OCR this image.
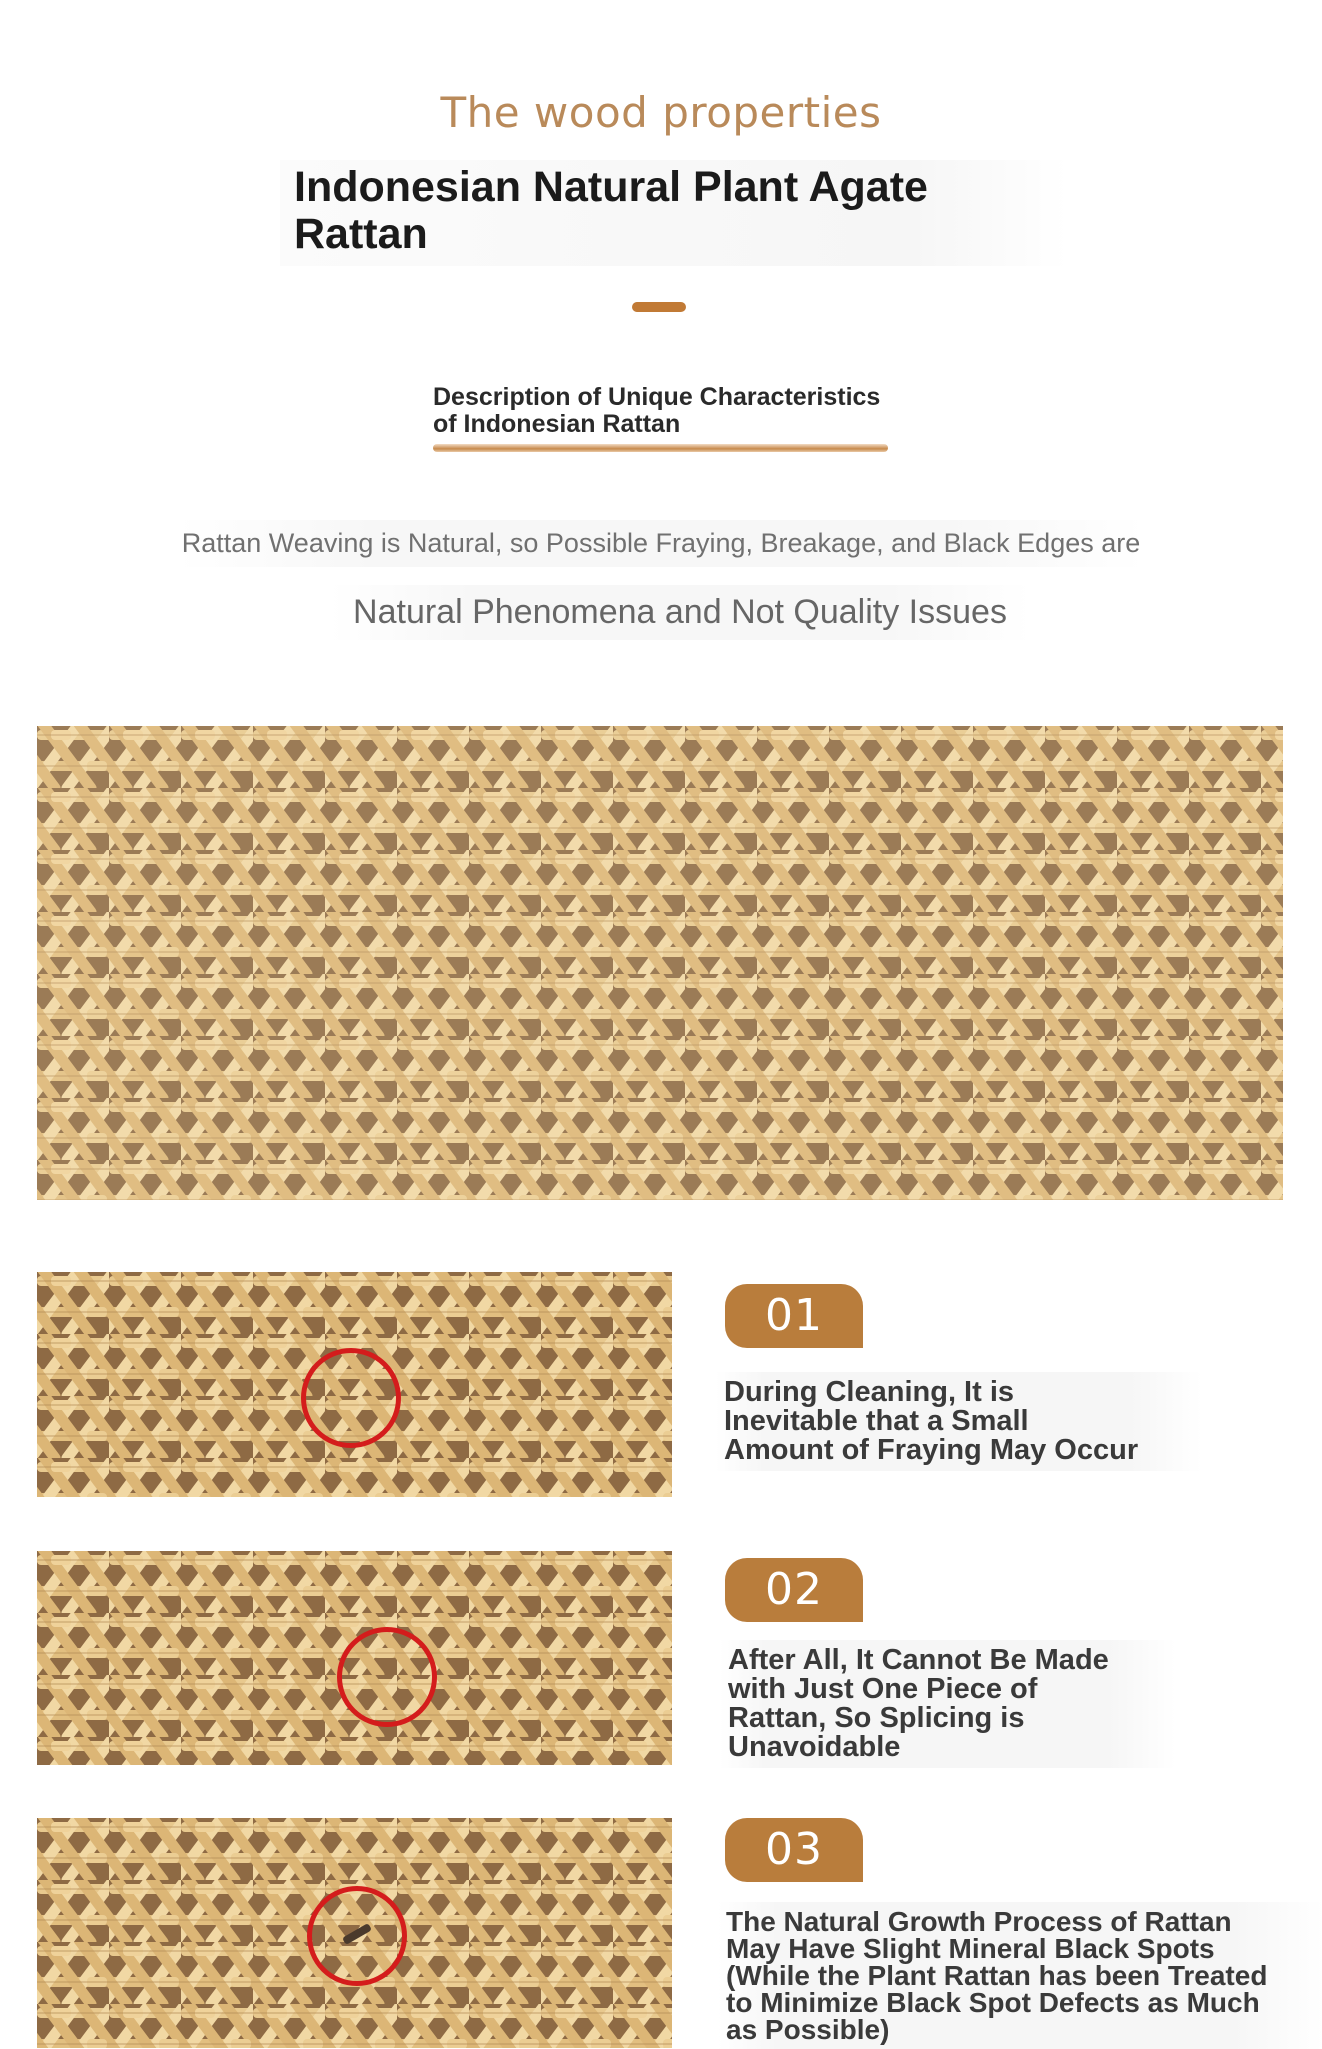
The wood properties
Indonesian Natural Plant Agate
Rattan

Description of Unique Characteristics

of Indonesian Rattan

Rattan Weaving is Natural, so Possible Fraying, Breakage, and Black Edges are
Natural Phenomena and Not Quality Issues
01
During Cleaning, It is
Inevitable that a Small
Amount of Fraying May Occur
02
After All, It Cannot Be Made
with Just One Piece of
Rattan, So Splicing is
Unavoidable
03
The Natural Growth Process of Rattan
May Have Slight Mineral Black Spots
(While the Plant Rattan has been Treated
to Minimize Black Spot Defects as Much
as Possible)
